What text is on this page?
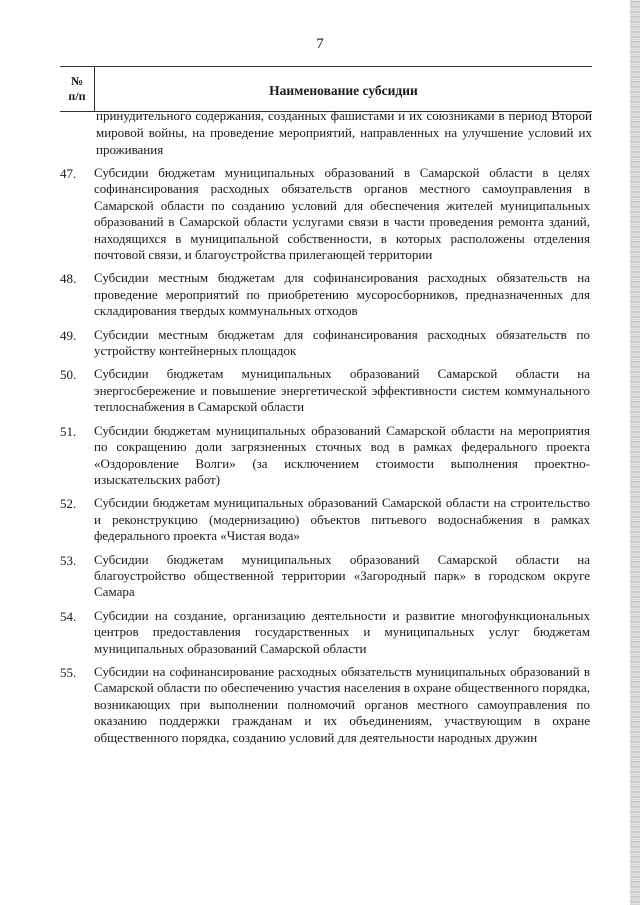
7
№
п/п	Наименование субсидии
принудительного содержания, созданных фашистами и их союзниками в период Второй мировой войны, на проведение мероприятий, направленных на улучшение условий их проживания
47.	Субсидии бюджетам муниципальных образований в Самарской области в целях софинансирования расходных обязательств органов местного самоуправления в Самарской области по созданию условий для обеспечения жителей муниципальных образований в Самарской области услугами связи в части проведения ремонта зданий, находящихся в муниципальной собственности, в которых расположены отделения почтовой связи, и благоустройства прилегающей территории
48.	Субсидии местным бюджетам для софинансирования расходных обязательств на проведение мероприятий по приобретению мусоросборников, предназначенных для складирования твердых коммунальных отходов
49.	Субсидии местным бюджетам для софинансирования расходных обязательств по устройству контейнерных площадок
50.	Субсидии бюджетам муниципальных образований Самарской области на энергосбережение и повышение энергетической эффективности систем коммунального теплоснабжения в Самарской области
51.	Субсидии бюджетам муниципальных образований Самарской области на мероприятия по сокращению доли загрязненных сточных вод в рамках федерального проекта «Оздоровление Волги» (за исключением стоимости выполнения проектно-изыскательских работ)
52.	Субсидии бюджетам муниципальных образований Самарской области на строительство и реконструкцию (модернизацию) объектов питьевого водоснабжения в рамках федерального проекта «Чистая вода»
53.	Субсидии бюджетам муниципальных образований Самарской области на благоустройство общественной территории «Загородный парк» в городском округе Самара
54.	Субсидии на создание, организацию деятельности и развитие многофункциональных центров предоставления государственных и муниципальных услуг бюджетам муниципальных образований Самарской области
55.	Субсидии на софинансирование расходных обязательств муниципальных образований в Самарской области по обеспечению участия населения в охране общественного порядка, возникающих при выполнении полномочий органов местного самоуправления по оказанию поддержки гражданам и их объединениям, участвующим в охране общественного порядка, созданию условий для деятельности народных дружин
